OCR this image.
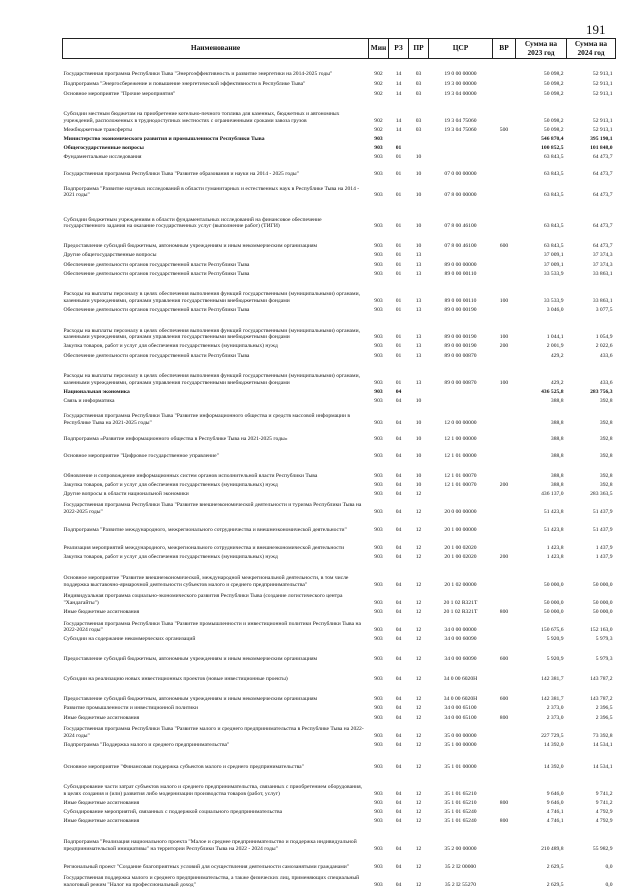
191
Наименование	Мин	РЗ	ПР	ЦСР	ВР	Сумма на 2023 год	Сумма на 2024 год
Государственная программа Республики Тыва "Энергоэффективность и развитие энергетики на 2014-2025 годы"	902	14	03	19 0 00 00000		50 098,2	52 913,1
Подпрограмма "Энергосбережение и повышение энергетической эффективности в Республике Тыва"	902	14	03	19 3 00 00000		50 098,2	52 913,1
Основное мероприятие "Прочие мероприятия"	902	14	03	19 3 04 00000		50 098,2	52 913,1
Субсидии местным бюджетам на приобретение котельно-печного топлива для казенных, бюджетных и автономных учреждений, расположенных в труднодоступных местностях с ограниченными сроками завоза грузов	902	14	03	19 3 04 75060		50 098,2	52 913,1
Межбюджетные трансферты	902	14	03	19 3 04 75060	500	50 098,2	52 913,1
Министерство экономического развития и промышленности Республики Тыва	903					546 870,4	395 190,1
Общегосударственные вопросы	903	01				100 852,5	101 848,0
Фундаментальные исследования	903	01	10			63 843,5	64 473,7
Государственная программа Республики Тыва "Развитие образования и науки на 2014 - 2025 годы"	903	01	10	07 0 00 00000		63 843,5	64 473,7
Подпрограмма "Развитие научных исследований в области гуманитарных и естественных наук в Республике Тыва на 2014 - 2021 годы"	903	01	10	07 8 00 00000		63 843,5	64 473,7
Субсидии бюджетным учреждениям в области фундаментальных исследований на финансовое обеспечение государственного задания на оказание государственных услуг (выполнение работ) (ТИГИ)	903	01	10	07 8 00 46100		63 843,5	64 473,7
Предоставление субсидий бюджетным, автономным учреждениям и иным некоммерческим организациям	903	01	10	07 8 00 46100	600	63 843,5	64 473,7
Другие общегосударственные вопросы	903	01	13			37 009,1	37 374,3
Обеспечение деятельности органов государственной власти Республики Тыва	903	01	13	89 0 00 00000		37 009,1	37 374,3
Обеспечение деятельности органов государственной власти Республики Тыва	903	01	13	89 0 00 00110		33 533,9	33 863,1
Расходы на выплаты персоналу в целях обеспечения выполнения функций государственными (муниципальными) органами, казенными учреждениями, органами управления государственными внебюджетными фондами	903	01	13	89 0 00 00110	100	33 533,9	33 863,1
Обеспечение деятельности органов государственной власти Республики Тыва	903	01	13	89 0 00 00190		3 046,0	3 077,5
Расходы на выплаты персоналу в целях обеспечения выполнения функций государственными (муниципальными) органами, казенными учреждениями, органами управления государственными внебюджетными фондами	903	01	13	89 0 00 00190	100	1 044,1	1 054,9
Закупка товаров, работ и услуг для обеспечения государственных (муниципальных) нужд	903	01	13	89 0 00 00190	200	2 001,9	2 022,6
Обеспечение деятельности органов государственной власти Республики Тыва	903	01	13	89 0 00 00870		429,2	433,6
Расходы на выплаты персоналу в целях обеспечения выполнения функций государственными (муниципальными) органами, казенными учреждениями, органами управления государственными внебюджетными фондами	903	01	13	89 0 00 00870	100	429,2	433,6
Национальная экономика	903	04				436 525,8	283 756,3
Связь и информатика	903	04	10			388,8	392,8
Государственная программа Республики Тыва "Развитие информационного общества и средств массовой информации в Республике Тыва на 2021-2025 годы"	903	04	10	12 0 00 00000		388,8	392,8
Подпрограмма «Развитие информационного общества в Республике Тыва на 2021-2025 годы»	903	04	10	12 1 00 00000		388,8	392,8
Основное мероприятие "Цифровое государственное управление"	903	04	10	12 1 01 00000		388,8	392,8
Обновление и сопровождение информационных систем органов исполнительной власти Республики Тыва	903	04	10	12 1 01 00070		388,8	392,8
Закупка товаров, работ и услуг для обеспечения государственных (муниципальных) нужд	903	04	10	12 1 01 00070	200	388,8	392,8
Другие вопросы в области национальной экономики	903	04	12			436 137,0	283 363,5
Государственная программа Республики Тыва "Развитие внешнеэкономической деятельности и туризма Республики Тыва на 2022-2025 годы"	903	04	12	20 0 00 00000		51 423,8	51 437,9
Подпрограмма "Развитие международного, межрегионального сотрудничества и внешнеэкономической деятельности"	903	04	12	20 1 00 00000		51 423,8	51 437,9
Реализация мероприятий международного, межрегионального сотрудничества и внешнеэкономической деятельности	903	04	12	20 1 00 02020		1 423,8	1 437,9
Закупка товаров, работ и услуг для обеспечения государственных (муниципальных) нужд	903	04	12	20 1 00 02020	200	1 423,8	1 437,9
Основное мероприятие "Развитие внешнеэкономической, международной межрегиональной деятельности, в том числе поддержка выставочно-ярмарочной деятельности субъектов малого и среднего предпринимательства"	903	04	12	20 1 02 00000		50 000,0	50 000,0
Индивидуальная программа социально-экономического развития Республики Тыва (создание логистического центра "Хандагайты")	903	04	12	20 1 02 R321T		50 000,0	50 000,0
Иные бюджетные ассигнования	903	04	12	20 1 02 R321T	800	50 000,0	50 000,0
Государственная программа Республики Тыва "Развитие промышленности и инвестиционной политики Республики Тыва на 2022-2024 годы"	903	04	12	34 0 00 00000		150 675,6	152 163,0
Субсидии на содержание некоммерческих организаций	903	04	12	34 0 00 60090		5 920,9	5 979,3
Предоставление субсидий бюджетным, автономным учреждениям и иным некоммерческим организациям	903	04	12	34 0 00 60090	600	5 920,9	5 979,3
Субсидии на реализацию новых инвестиционных проектов (новые инвестиционные проекты)	903	04	12	34 0 00 6020Н		142 381,7	143 787,2
Предоставление субсидий бюджетным, автономным учреждениям и иным некоммерческим организациям	903	04	12	34 0 00 6020Н	600	142 381,7	143 787,2
Развитие промышленности и инвестиционной политики	903	04	12	34 0 00 65100		2 373,0	2 396,5
Иные бюджетные ассигнования	903	04	12	34 0 00 65100	800	2 373,0	2 396,5
Государственная программа Республики Тыва "Развитие малого и среднего предпринимательства в Республике Тыва на 2022-2024 годы"	903	04	12	35 0 00 00000		227 729,5	73 392,8
Подпрограмма "Поддержка малого и среднего предпринимательства"	903	04	12	35 1 00 00000		14 392,0	14 534,1
Основное мероприятие "Финансовая поддержка субъектов малого и среднего предпринимательства"	903	04	12	35 1 01 00000		14 392,0	14 534,1
Субсидирование части затрат субъектов малого и среднего предпринимательства, связанных с приобретением оборудования, в целях создания и (или) развития либо модернизации производства товаров (работ, услуг)	903	04	12	35 1 01 65210		9 646,0	9 741,2
Иные бюджетные ассигнования	903	04	12	35 1 01 65210	800	9 646,0	9 741,2
Субсидирование мероприятий, связанных с поддержкой социального предпринимательства	903	04	12	35 1 01 65240		4 746,1	4 792,9
Иные бюджетные ассигнования	903	04	12	35 1 01 65240	800	4 746,1	4 792,9
Подпрограмма "Реализация национального проекта "Малое и среднее предпринимательство и поддержка индивидуальной предпринимательской инициативы" на территории Республики Тыва на 2022 - 2024 годы"	903	04	12	35 2 00 00000		210 489,8	55 982,9
Региональный проект "Создание благоприятных условий для осуществления деятельности самозанятыми гражданами"	903	04	12	35 2 I2 00000		2 629,5	0,0
Государственная поддержка малого и среднего предпринимательства, а также физических лиц, применяющих специальный налоговый режим "Налог на профессиональный доход"	903	04	12	35 2 I2 55270		2 629,5	0,0
